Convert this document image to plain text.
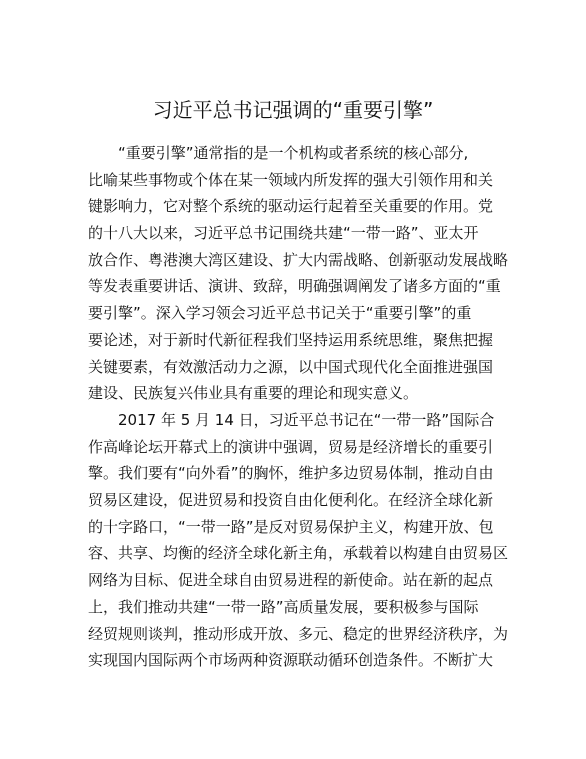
习近平总书记强调的“重要引擎”
　　“重要引擎”通常指的是一个机构或者系统的核心部分,
比喻某些事物或个体在某一领域内所发挥的强大引领作用和关
键影响力，它对整个系统的驱动运行起着至关重要的作用。党
的十八大以来，习近平总书记围绕共建“一带一路”、亚太开
放合作、粤港澳大湾区建设、扩大内需战略、创新驱动发展战略
等发表重要讲话、演讲、致辞，明确强调阐发了诸多方面的“重
要引擎”。深入学习领会习近平总书记关于“重要引擎”的重
要论述，对于新时代新征程我们坚持运用系统思维，聚焦把握
关键要素，有效激活动力之源，以中国式现代化全面推进强国
建设、民族复兴伟业具有重要的理论和现实意义。
　　2017 年 5 月 14 日，习近平总书记在“一带一路”国际合
作高峰论坛开幕式上的演讲中强调，贸易是经济增长的重要引
擎。我们要有“向外看”的胸怀，维护多边贸易体制，推动自由
贸易区建设，促进贸易和投资自由化便利化。在经济全球化新
的十字路口，“一带一路”是反对贸易保护主义，构建开放、包
容、共享、均衡的经济全球化新主角，承载着以构建自由贸易区
网络为目标、促进全球自由贸易进程的新使命。站在新的起点
上，我们推动共建“一带一路”高质量发展，要积极参与国际
经贸规则谈判，推动形成开放、多元、稳定的世界经济秩序，为
实现国内国际两个市场两种资源联动循环创造条件。不断扩大
